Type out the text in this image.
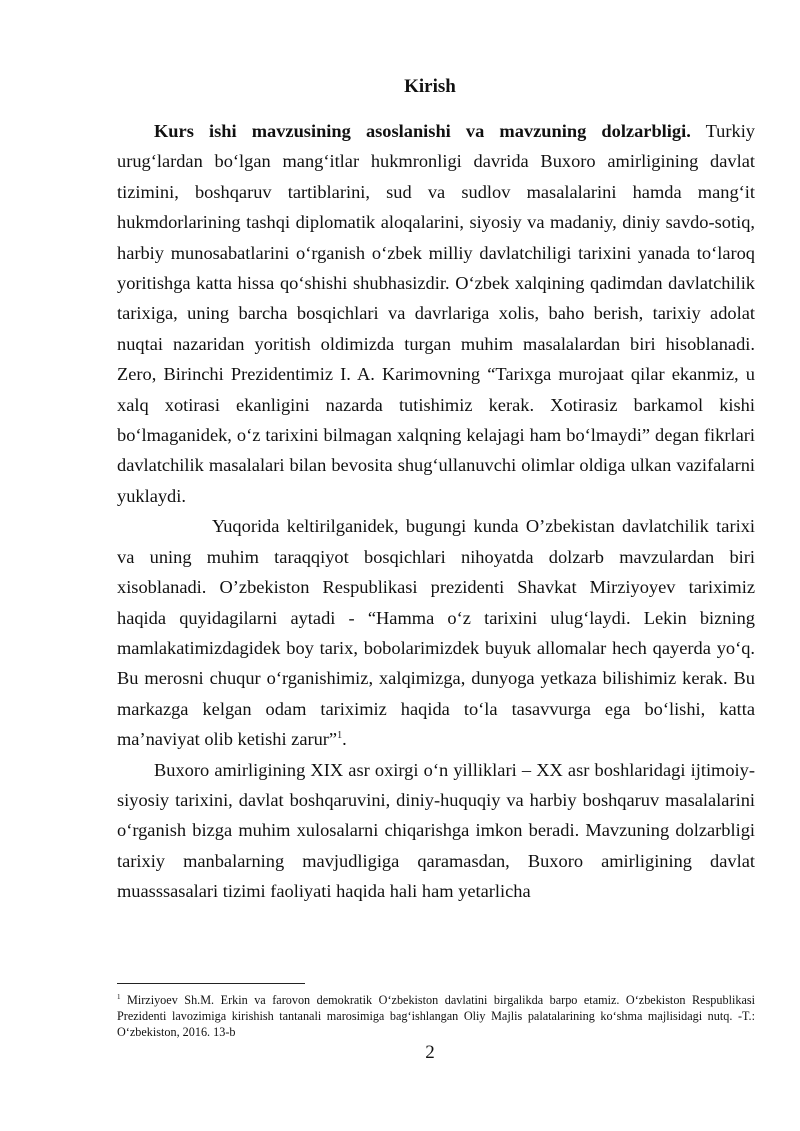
Kirish

Kurs ishi mavzusining asoslanishi va mavzuning dolzarbligi. Turkiy urug‘lardan bo‘lgan mang‘itlar hukmronligi davrida Buxoro amirligining davlat tizimini, boshqaruv tartiblarini, sud va sudlov masalalarini hamda mang‘it hukmdorlarining tashqi diplomatik aloqalarini, siyosiy va madaniy, diniy savdo-sotiq, harbiy munosabatlarini o‘rganish o‘zbek milliy davlatchiligi tarixini yanada to‘laroq yoritishga katta hissa qo‘shishi shubhasizdir. O‘zbek xalqining qadimdan davlatchilik tarixiga, uning barcha bosqichlari va davrlariga xolis, baho berish, tarixiy adolat nuqtai nazaridan yoritish oldimizda turgan muhim masalalardan biri hisoblanadi. Zero, Birinchi Prezidentimiz I. A. Karimovning “Tarixga murojaat qilar ekanmiz, u xalq xotirasi ekanligini nazarda tutishimiz kerak. Xotirasiz barkamol kishi bo‘lmaganidek, o‘z tarixini bilmagan xalqning kelajagi ham bo‘lmaydi” degan fikrlari davlatchilik masalalari bilan bevosita shug‘ullanuvchi olimlar oldiga ulkan vazifalarni yuklaydi.

Yuqorida keltirilganidek, bugungi kunda O’zbekistan davlatchilik tarixi va uning muhim taraqqiyot bosqichlari nihoyatda dolzarb mavzulardan biri xisoblanadi. O’zbekiston Respublikasi prezidenti Shavkat Mirziyoyev tariximiz haqida quyidagilarni aytadi - “Hamma o‘z tarixini ulug‘laydi. Lekin bizning mamlakatimizdagidek boy tarix, bobolarimizdek buyuk allomalar hech qayerda yo‘q. Bu merosni chuqur o‘rganishimiz, xalqimizga, dunyoga yetkaza bilishimiz kerak. Bu markazga kelgan odam tariximiz haqida to‘la tasavvurga ega bo‘lishi, katta ma’naviyat olib ketishi zarur”$^1$.

Buxoro amirligining XIX asr oxirgi o‘n yilliklari – XX asr boshlaridagi ijtimoiy-siyosiy tarixini, davlat boshqaruvini, diniy-huquqiy va harbiy boshqaruv masalalarini o‘rganish bizga muhim xulosalarni chiqarishga imkon beradi. Mavzuning dolzarbligi tarixiy manbalarning mavjudligiga qaramasdan, Buxoro amirligining davlat muasssasalari tizimi faoliyati haqida hali ham yetarlicha

$^1$ Mirziyoev Sh.M. Erkin va farovon demokratik O‘zbekiston davlatini birgalikda barpo etamiz. O‘zbekiston Respublikasi Prezidenti lavozimiga kirishish tantanali marosimiga bag‘ishlangan Oliy Majlis palatalarining ko‘shma majlisidagi nutq. -T.: O‘zbekiston, 2016. 13-b
2
